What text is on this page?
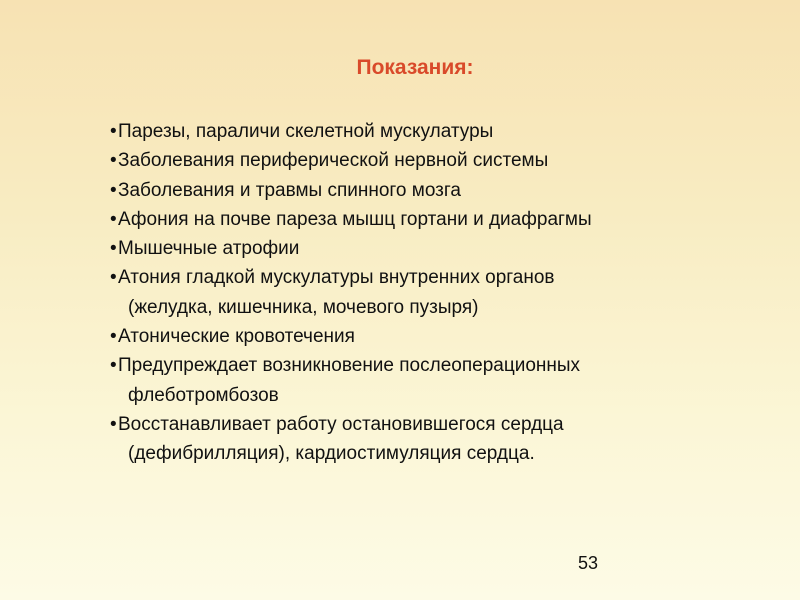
Показания:
•Парезы, параличи скелетной мускулатуры
•Заболевания периферической нервной системы
•Заболевания и травмы спинного мозга
•Афония на почве пареза мышц гортани и диафрагмы
•Мышечные атрофии
•Атония гладкой мускулатуры внутренних органов
(желудка, кишечника, мочевого пузыря)
•Атонические кровотечения
•Предупреждает возникновение послеоперационных
флеботромбозов
•Восстанавливает работу остановившегося сердца
(дефибрилляция), кардиостимуляция сердца.
53
